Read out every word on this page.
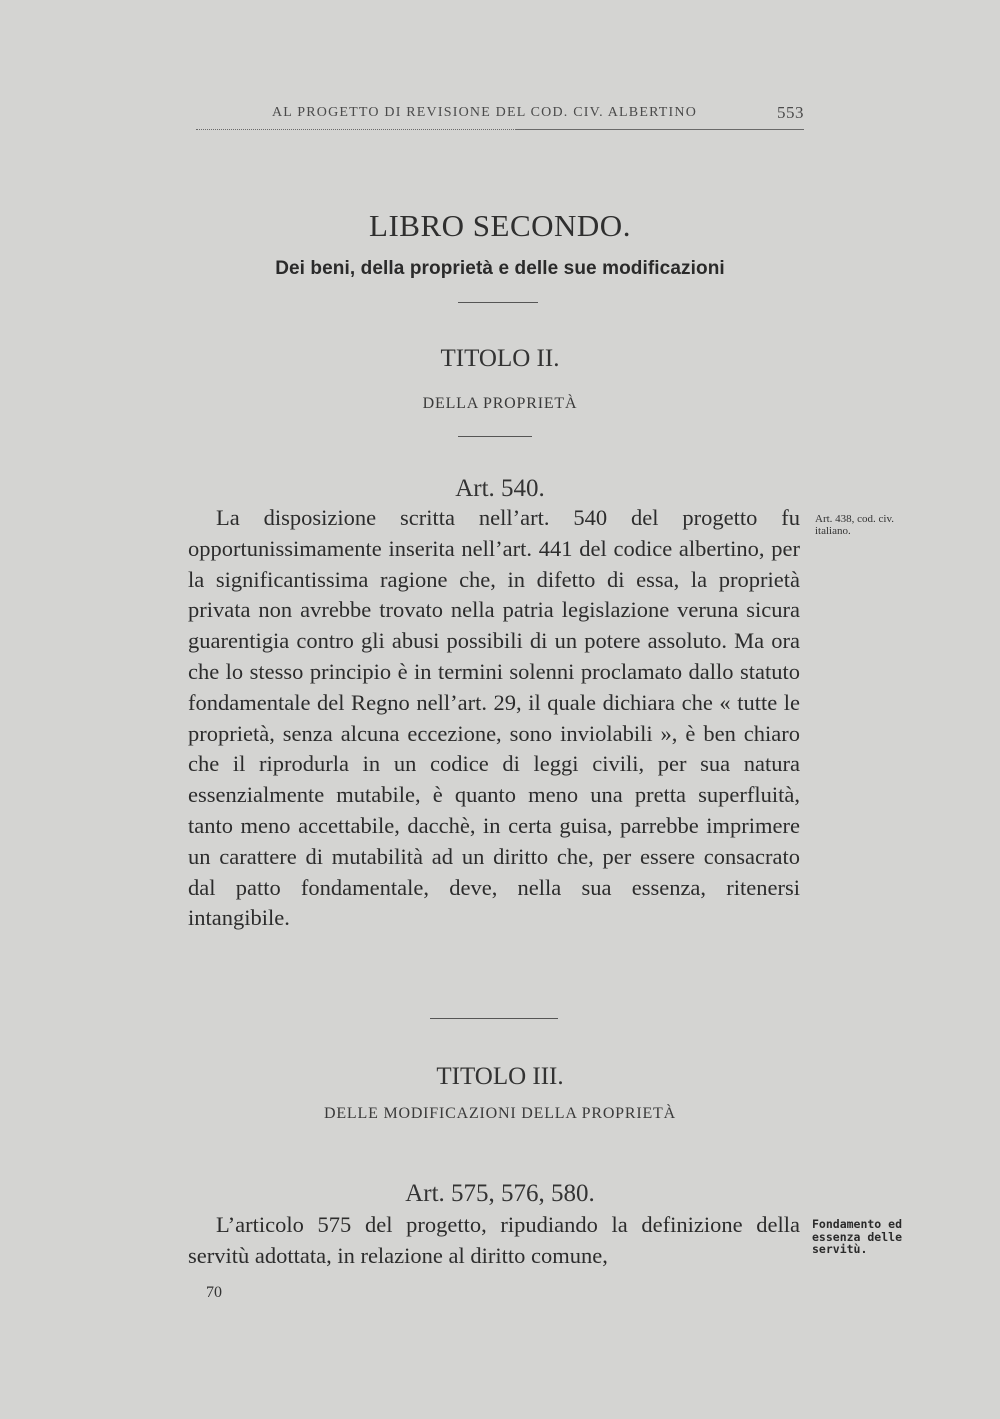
AL PROGETTO DI REVISIONE DEL COD. CIV. ALBERTINO	553
LIBRO SECONDO.
Dei beni, della proprietà e delle sue modificazioni
TITOLO II.
DELLA PROPRIETÀ
Art. 540.

La disposizione scritta nell’art. 540 del progetto fu opportunissimamente inserita nell’art. 441 del codice albertino, per la significantissima ragione che, in difetto di essa, la proprietà privata non avrebbe trovato nella patria legislazione veruna sicura guarentigia contro gli abusi possibili di un potere assoluto. Ma ora che lo stesso principio è in termini solenni proclamato dallo statuto fondamentale del Regno nell’art. 29, il quale dichiara che « tutte le proprietà, senza alcuna eccezione, sono inviolabili », è ben chiaro che il riprodurla in un codice di leggi civili, per sua natura essenzialmente mutabile, è quanto meno una pretta superfluità, tanto meno accettabile, dacchè, in certa guisa, parrebbe imprimere un carattere di mutabilità ad un diritto che, per essere consacrato dal patto fondamentale, deve, nella sua essenza, ritenersi intangibile.

Art. 438, cod. civ. italiano.
TITOLO III.
DELLE MODIFICAZIONI DELLA PROPRIETÀ
Art. 575, 576, 580.

L’articolo 575 del progetto, ripudiando la definizione della servitù adottata, in relazione al diritto comune,

Fondamento ed essenza delle servitù.
70
